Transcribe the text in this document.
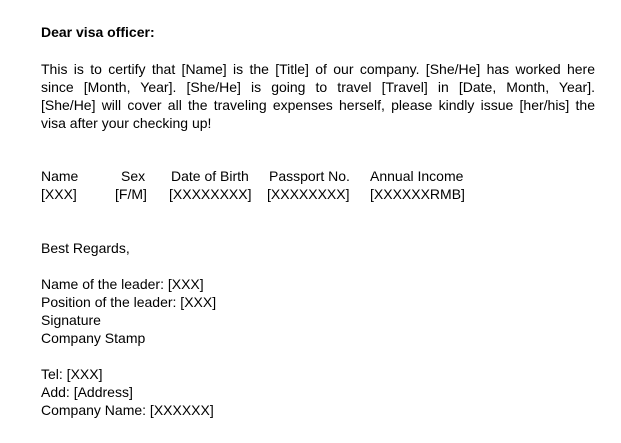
Dear visa officer:
This is to certify that [Name] is the [Title] of our company. [She/He] has worked here
since [Month, Year]. [She/He] is going to travel [Travel] in [Date, Month, Year].
[She/He] will cover all the traveling expenses herself, please kindly issue [her/his] the
visa after your checking up!
Name	Sex Date of Birth Passport No. Annual Income
[XXX]	[F/M] [XXXXXXXX] [XXXXXXXX] [XXXXXXRMB]
Best Regards,
Name of the leader: [XXX]
Position of the leader: [XXX]
Signature
Company Stamp
Tel: [XXX]
Add: [Address]
Company Name: [XXXXXX]
